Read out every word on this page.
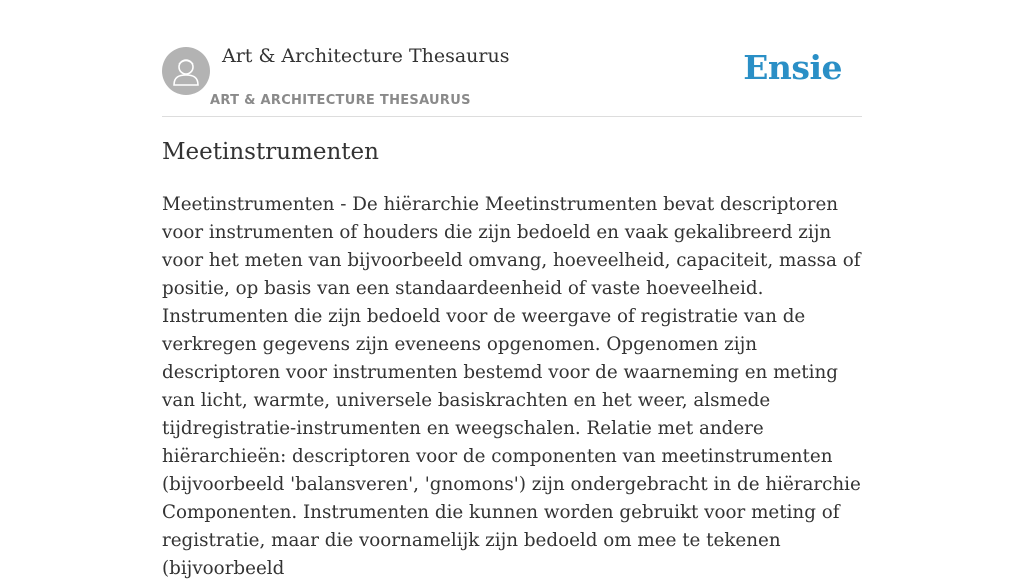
Art & Architecture Thesaurus
ART & ARCHITECTURE THESAURUS
Ensie
Meetinstrumenten

Meetinstrumenten - De hiërarchie Meetinstrumenten bevat descriptoren voor instrumenten of houders die zijn bedoeld en vaak gekalibreerd zijn voor het meten van bijvoorbeeld omvang, hoeveelheid, capaciteit, massa of positie, op basis van een standaardeenheid of vaste hoeveelheid. Instrumenten die zijn bedoeld voor de weergave of registratie van de verkregen gegevens zijn eveneens opgenomen. Opgenomen zijn descriptoren voor instrumenten bestemd voor de waarneming en meting van licht, warmte, universele basiskrachten en het weer, alsmede tijdregistratie-instrumenten en weegschalen. Relatie met andere hiërarchieën: descriptoren voor de componenten van meetinstrumenten (bijvoorbeeld 'balansveren', 'gnomons') zijn ondergebracht in de hiërarchie Componenten. Instrumenten die kunnen worden gebruikt voor meting of registratie, maar die voornamelijk zijn bedoeld om mee te tekenen (bijvoorbeeld
